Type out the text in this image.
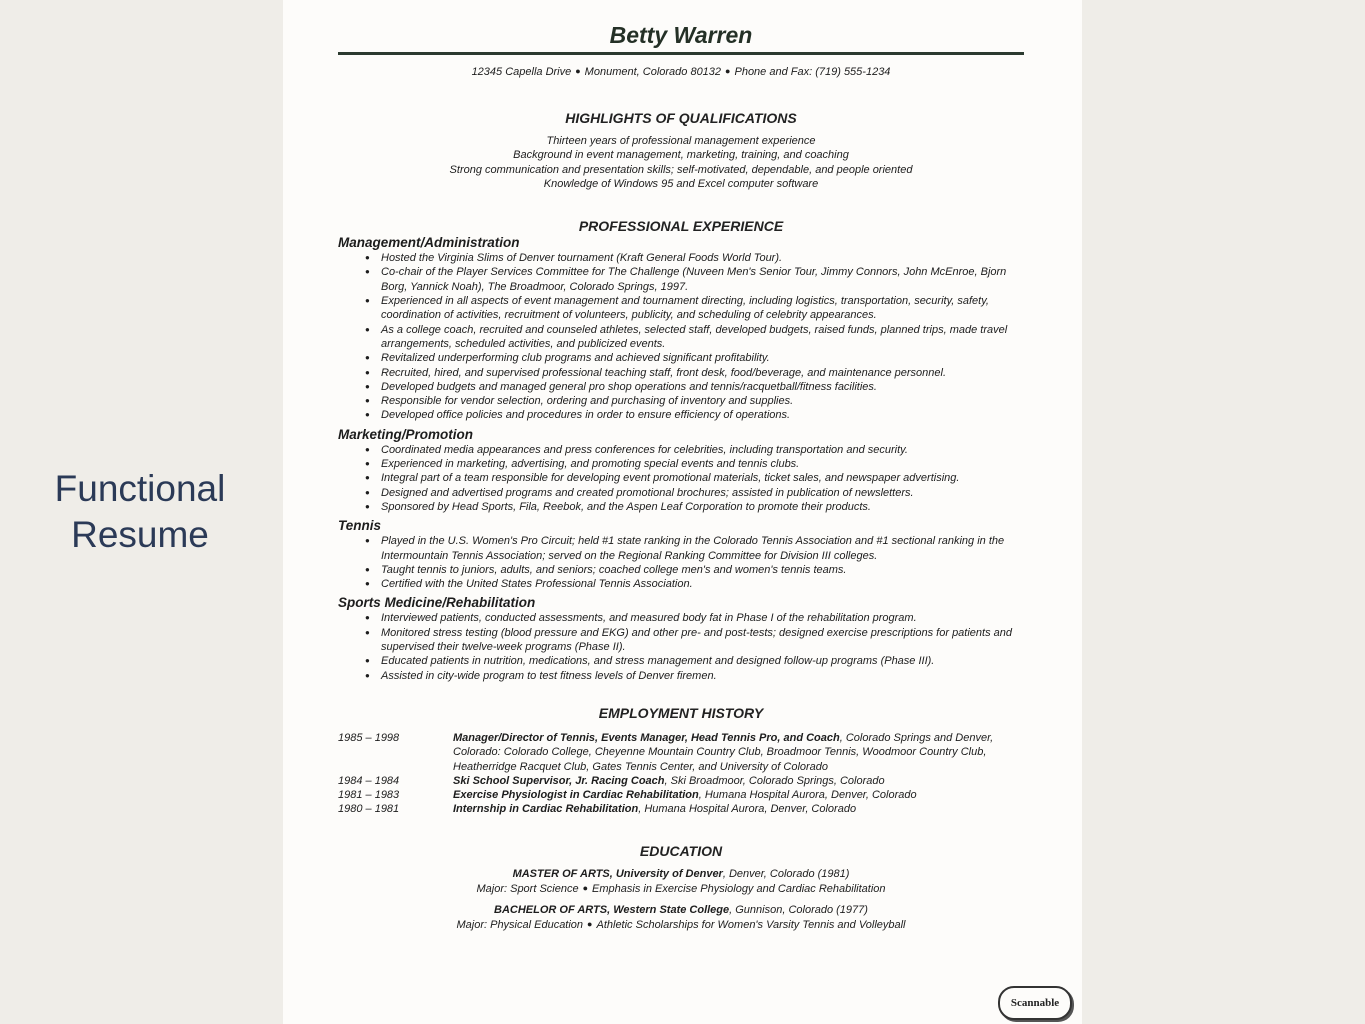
Functional Resume
Betty Warren
12345 Capella Drive ● Monument, Colorado 80132 ● Phone and Fax: (719) 555-1234
HIGHLIGHTS OF QUALIFICATIONS
Thirteen years of professional management experience
Background in event management, marketing, training, and coaching
Strong communication and presentation skills; self-motivated, dependable, and people oriented
Knowledge of Windows 95 and Excel computer software
PROFESSIONAL EXPERIENCE
Management/Administration
● Hosted the Virginia Slims of Denver tournament (Kraft General Foods World Tour).
● Co-chair of the Player Services Committee for The Challenge (Nuveen Men's Senior Tour, Jimmy Connors, John McEnroe, Bjorn Borg, Yannick Noah), The Broadmoor, Colorado Springs, 1997.
● Experienced in all aspects of event management and tournament directing, including logistics, transportation, security, safety, coordination of activities, recruitment of volunteers, publicity, and scheduling of celebrity appearances.
● As a college coach, recruited and counseled athletes, selected staff, developed budgets, raised funds, planned trips, made travel arrangements, scheduled activities, and publicized events.
● Revitalized underperforming club programs and achieved significant profitability.
● Recruited, hired, and supervised professional teaching staff, front desk, food/beverage, and maintenance personnel.
● Developed budgets and managed general pro shop operations and tennis/racquetball/fitness facilities.
● Responsible for vendor selection, ordering and purchasing of inventory and supplies.
● Developed office policies and procedures in order to ensure efficiency of operations.
Marketing/Promotion
● Coordinated media appearances and press conferences for celebrities, including transportation and security.
● Experienced in marketing, advertising, and promoting special events and tennis clubs.
● Integral part of a team responsible for developing event promotional materials, ticket sales, and newspaper advertising.
● Designed and advertised programs and created promotional brochures; assisted in publication of newsletters.
● Sponsored by Head Sports, Fila, Reebok, and the Aspen Leaf Corporation to promote their products.
Tennis
● Played in the U.S. Women's Pro Circuit; held #1 state ranking in the Colorado Tennis Association and #1 sectional ranking in the Intermountain Tennis Association; served on the Regional Ranking Committee for Division III colleges.
● Taught tennis to juniors, adults, and seniors; coached college men's and women's tennis teams.
● Certified with the United States Professional Tennis Association.
Sports Medicine/Rehabilitation
● Interviewed patients, conducted assessments, and measured body fat in Phase I of the rehabilitation program.
● Monitored stress testing (blood pressure and EKG) and other pre- and post-tests; designed exercise prescriptions for patients and supervised their twelve-week programs (Phase II).
● Educated patients in nutrition, medications, and stress management and designed follow-up programs (Phase III).
● Assisted in city-wide program to test fitness levels of Denver firemen.
EMPLOYMENT HISTORY
1985 – 1998	Manager/Director of Tennis, Events Manager, Head Tennis Pro, and Coach, Colorado Springs and Denver, Colorado: Colorado College, Cheyenne Mountain Country Club, Broadmoor Tennis, Woodmoor Country Club, Heatherridge Racquet Club, Gates Tennis Center, and University of Colorado
1984 – 1984	Ski School Supervisor, Jr. Racing Coach, Ski Broadmoor, Colorado Springs, Colorado
1981 – 1983	Exercise Physiologist in Cardiac Rehabilitation, Humana Hospital Aurora, Denver, Colorado
1980 – 1981	Internship in Cardiac Rehabilitation, Humana Hospital Aurora, Denver, Colorado
EDUCATION
MASTER OF ARTS, University of Denver, Denver, Colorado (1981)
Major: Sport Science ● Emphasis in Exercise Physiology and Cardiac Rehabilitation
BACHELOR OF ARTS, Western State College, Gunnison, Colorado (1977)
Major: Physical Education ● Athletic Scholarships for Women's Varsity Tennis and Volleyball
Scannable
